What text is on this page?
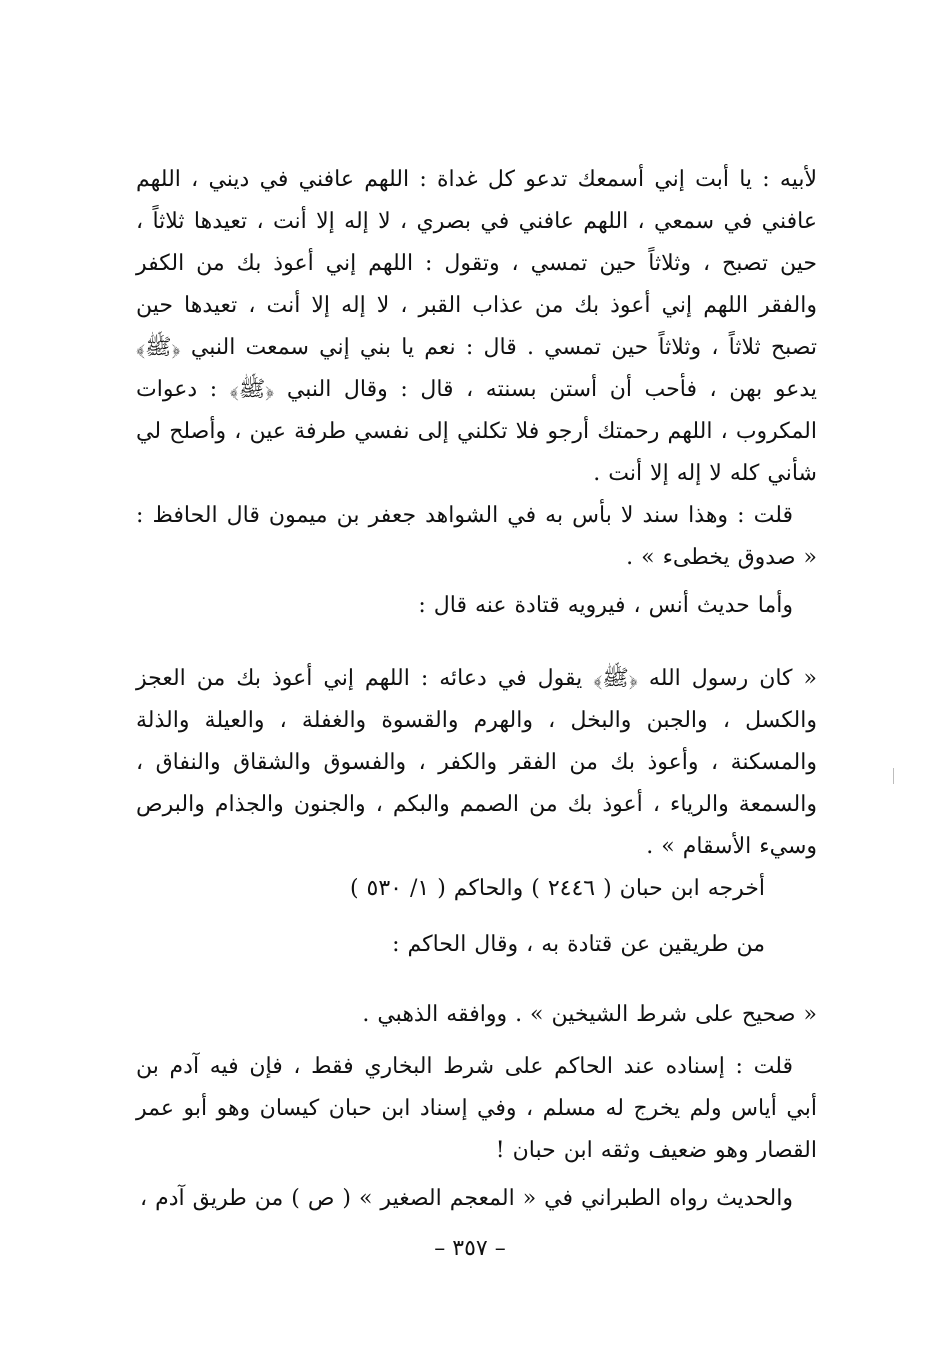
لأبيه : يا أبت إني أسمعك تدعو كل غداة : اللهم عافني في ديني ، اللهم عافني في سمعي ، اللهم عافني في بصري ، لا إله إلا أنت ، تعيدها ثلاثاً ، حين تصبح ، وثلاثاً حين تمسي ، وتقول : اللهم إني أعوذ بك من الكفر والفقر اللهم إني أعوذ بك من عذاب القبر ، لا إله إلا أنت ، تعيدها حين تصبح ثلاثاً ، وثلاثاً حين تمسي . قال : نعم يا بني إني سمعت النبي ﴿ﷺ﴾ يدعو بهن ، فأحب أن أستن بسنته ، قال : وقال النبي ﴿ﷺ﴾ : دعوات المكروب ، اللهم رحمتك أرجو فلا تكلني إلى نفسي طرفة عين ، وأصلح لي شأني كله لا إله إلا أنت .
قلت : وهذا سند لا بأس به في الشواهد جعفر بن ميمون قال الحافظ : « صدوق يخطىء » .
وأما حديث أنس ، فيرويه قتادة عنه قال :
« كان رسول الله ﴿ﷺ﴾ يقول في دعائه : اللهم إني أعوذ بك من العجز والكسل ، والجبن والبخل ، والهرم والقسوة والغفلة ، والعيلة والذلة والمسكنة ، وأعوذ بك من الفقر والكفر ، والفسوق والشقاق والنفاق ، والسمعة والرياء ، أعوذ بك من الصمم والبكم ، والجنون والجذام والبرص وسيء الأسقام » .
أخرجه ابن حبان ( ٢٤٤٦ ) والحاكم ( ١/ ٥٣٠ )
من طريقين عن قتادة به ، وقال الحاكم :
« صحيح على شرط الشيخين » . ووافقه الذهبي .
قلت : إسناده عند الحاكم على شرط البخاري فقط ، فإن فيه آدم بن أبي أياس ولم يخرج له مسلم ، وفي إسناد ابن حبان كيسان وهو أبو عمر القصار وهو ضعيف وثقه ابن حبان !
والحديث رواه الطبراني في « المعجم الصغير » ( ص ) من طريق آدم ،
– ٣٥٧ –
